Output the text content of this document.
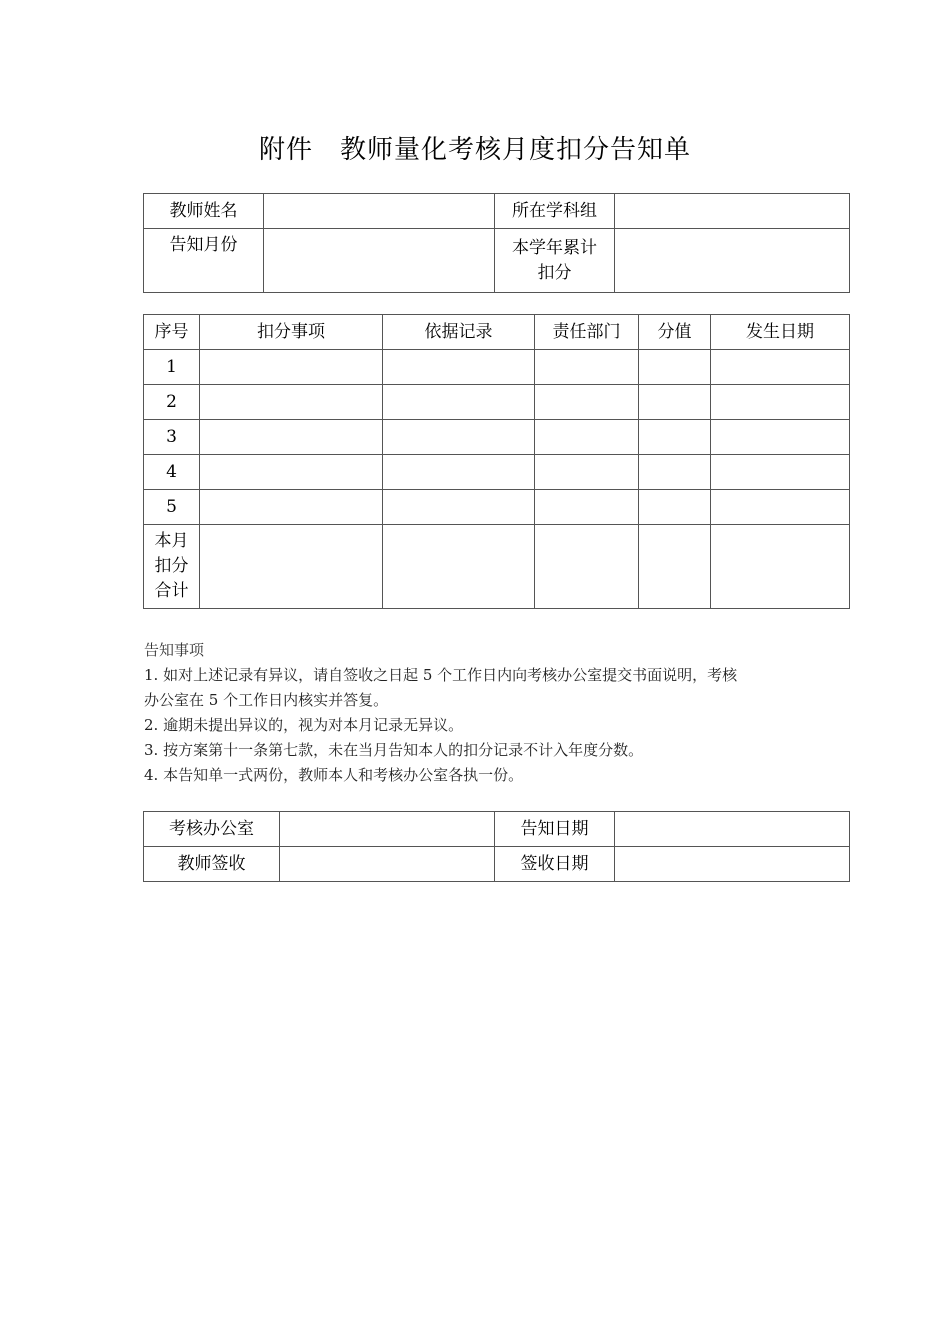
附件　教师量化考核月度扣分告知单
教师姓名		所在学科组	
告知月份		本学年累计
扣分	

序号	扣分事项	依据记录	责任部门	分值	发生日期
1					
2					
3					
4					
5					

本月
扣分
合计					

告知事项
1. 如对上述记录有异议，请自签收之日起 5 个工作日内向考核办公室提交书面说明，考核
办公室在 5 个工作日内核实并答复。
2. 逾期未提出异议的，视为对本月记录无异议。
3. 按方案第十一条第七款，未在当月告知本人的扣分记录不计入年度分数。
4. 本告知单一式两份，教师本人和考核办公室各执一份。
考核办公室		告知日期	
教师签收		签收日期	
